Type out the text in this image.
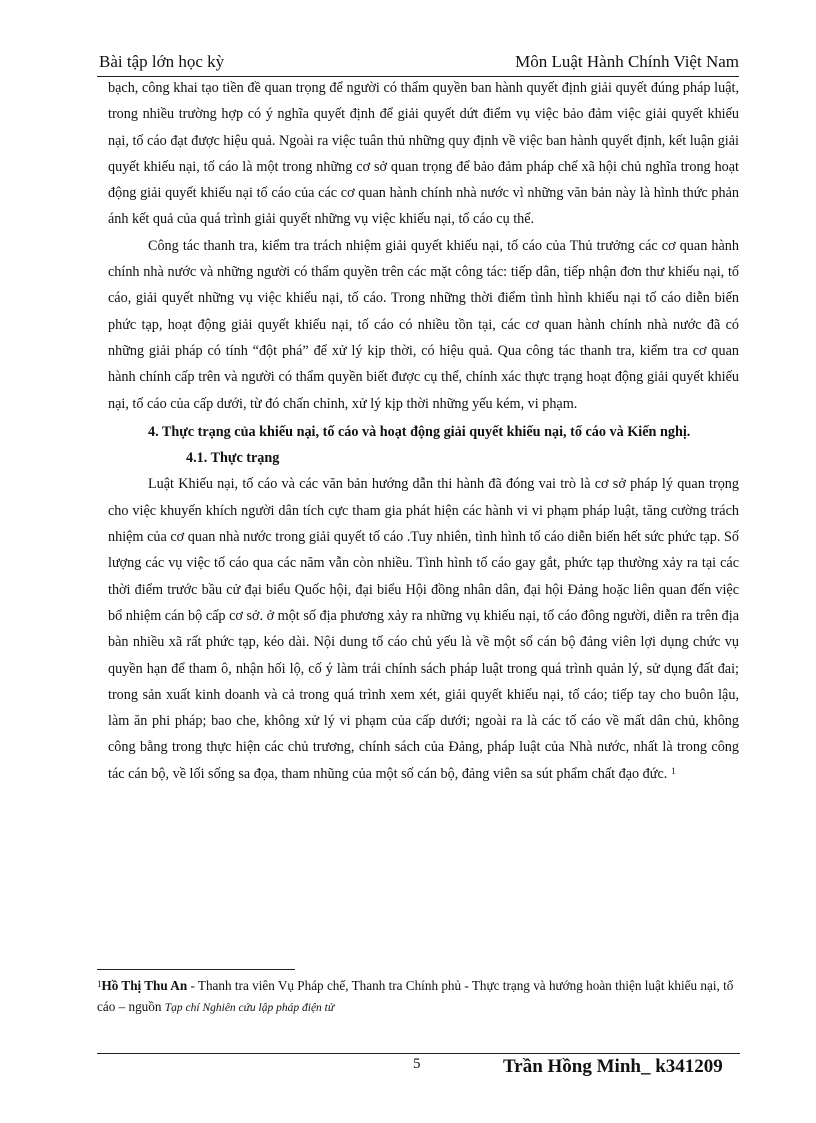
Bài tập lớn học kỳ	Môn Luật Hành Chính Việt Nam

bạch, công khai tạo tiền đề quan trọng để người có thẩm quyền ban hành quyết định giải quyết đúng pháp luật, trong nhiều trường hợp có ý nghĩa quyết định để giải quyết dứt điểm vụ việc bảo đảm việc giải quyết khiếu nại, tố cáo đạt được hiệu quả. Ngoài ra việc tuân thủ những quy định về việc ban hành quyết định, kết luận giải quyết khiếu nại, tố cáo là một trong những cơ sở quan trọng để bảo đảm pháp chế xã hội chủ nghĩa trong hoạt động giải quyết khiếu nại tố cáo của các cơ quan hành chính nhà nước vì những văn bản này là hình thức phản ánh kết quả của quá trình giải quyết những vụ việc khiếu nại, tố cáo cụ thể.

Công tác thanh tra, kiểm tra trách nhiệm giải quyết khiếu nại, tố cáo của Thủ trưởng các cơ quan hành chính nhà nước và những người có thẩm quyền trên các mặt công tác: tiếp dân, tiếp nhận đơn thư khiếu nại, tố cáo, giải quyết những vụ việc khiếu nại, tố cáo. Trong những thời điểm tình hình khiếu nại tố cáo diễn biến phức tạp, hoạt động giải quyết khiếu nại, tố cáo có nhiều tồn tại, các cơ quan hành chính nhà nước đã có những giải pháp có tính “đột phá” để xử lý kịp thời, có hiệu quả. Qua công tác thanh tra, kiểm tra cơ quan hành chính cấp trên và người có thẩm quyền biết được cụ thể, chính xác thực trạng hoạt động giải quyết khiếu nại, tố cáo của cấp dưới, từ đó chấn chỉnh, xử lý kịp thời những yếu kém, vi phạm.

4. Thực trạng của khiếu nại, tố cáo và hoạt động giải quyết khiếu nại, tố cáo và Kiến nghị.

4.1. Thực trạng

Luật Khiếu nại, tố cáo và các văn bản hướng dẫn thi hành đã đóng vai trò là cơ sở pháp lý quan trọng cho việc khuyến khích người dân tích cực tham gia phát hiện các hành vi vi phạm pháp luật, tăng cường trách nhiệm của cơ quan nhà nước trong giải quyết tố cáo .Tuy nhiên, tình hình tố cáo diễn biến hết sức phức tạp. Số lượng các vụ việc tố cáo qua các năm vẫn còn nhiều. Tình hình tố cáo gay gắt, phức tạp thường xảy ra tại các thời điểm trước bầu cử đại biểu Quốc hội, đại biểu Hội đồng nhân dân, đại hội Đảng hoặc liên quan đến việc bổ nhiệm cán bộ cấp cơ sở. ở một số địa phương xảy ra những vụ khiếu nại, tố cáo đông người, diễn ra trên địa bàn nhiều xã rất phức tạp, kéo dài. Nội dung tố cáo chủ yếu là về một số cán bộ đảng viên lợi dụng chức vụ quyền hạn để tham ô, nhận hối lộ, cố ý làm trái chính sách pháp luật trong quá trình quản lý, sử dụng đất đai; trong sản xuất kinh doanh và cả trong quá trình xem xét, giải quyết khiếu nại, tố cáo; tiếp tay cho buôn lậu, làm ăn phi pháp; bao che, không xử lý vi phạm của cấp dưới; ngoài ra là các tố cáo về mất dân chủ, không công bằng trong thực hiện các chủ trương, chính sách của Đảng, pháp luật của Nhà nước, nhất là trong công tác cán bộ, về lối sống sa đọa, tham nhũng của một số cán bộ, đảng viên sa sút phẩm chất đạo đức. $^1$

$^1$Hồ Thị Thu An - Thanh tra viên Vụ Pháp chế, Thanh tra Chính phủ - Thực trạng và hướng hoàn thiện luật khiếu nại, tố cáo – nguồn Tạp chí Nghiên cứu lập pháp điện tử
5	Trần Hồng Minh_ k341209
